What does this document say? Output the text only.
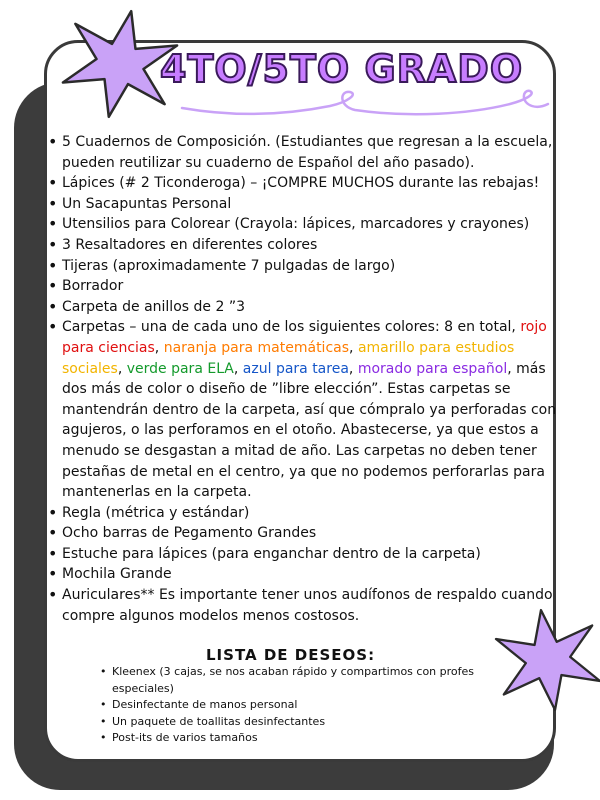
4TO/5TO GRADO
• 5 Cuadernos de Composición. (Estudiantes que regresan a la escuela, pueden reutilizar su cuaderno de Español del año pasado).
• Lápices (# 2 Ticonderoga) – ¡COMPRE MUCHOS durante las rebajas!
• Un Sacapuntas Personal
• Utensilios para Colorear (Crayola: lápices, marcadores y crayones)
• 3 Resaltadores en diferentes colores
• Tijeras (aproximadamente 7 pulgadas de largo)
• Borrador
• Carpeta de anillos de 2 ”3
• Carpetas – una de cada uno de los siguientes colores: 8 en total, rojo para ciencias, naranja para matemáticas, amarillo para estudios sociales, verde para ELA, azul para tarea, morado para español, más dos más de color o diseño de ”libre elección”. Estas carpetas se mantendrán dentro de la carpeta, así que cómpralo ya perforadas con agujeros, o las perforamos en el otoño. Abastecerse, ya que estos a menudo se desgastan a mitad de año. Las carpetas no deben tener pestañas de metal en el centro, ya que no podemos perforarlas para mantenerlas en la carpeta.
• Regla (métrica y estándar)
• Ocho barras de Pegamento Grandes
• Estuche para lápices (para enganchar dentro de la carpeta)
• Mochila Grande
• Auriculares** Es importante tener unos audífonos de respaldo cuando compre algunos modelos menos costosos.
LISTA DE DESEOS:
• Kleenex (3 cajas, se nos acaban rápido y compartimos con profes especiales)
• Desinfectante de manos personal
• Un paquete de toallitas desinfectantes
• Post-its de varios tamaños
